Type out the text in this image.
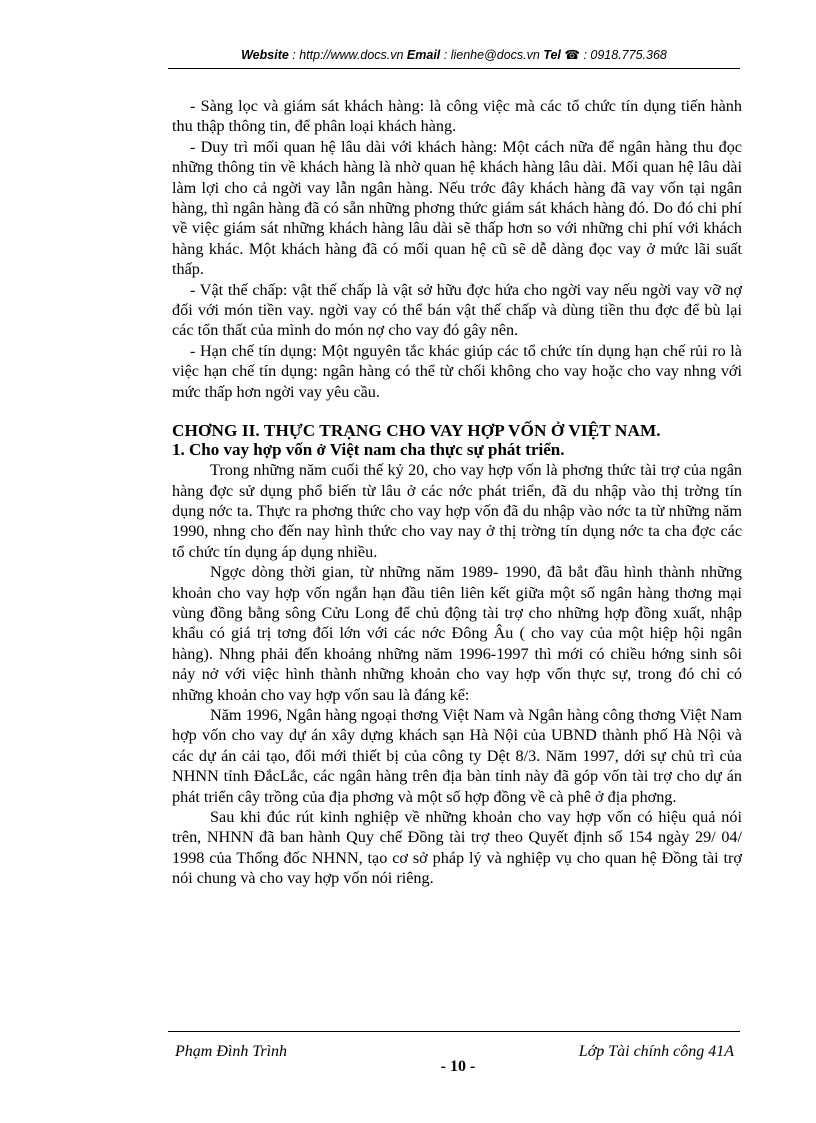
Website : http://www.docs.vn Email : lienhe@docs.vn Tel ☎ : 0918.775.368

- Sàng lọc và giám sát khách hàng: là công việc mà các tổ chức tín dụng tiến hành thu thập thông tin, để phân loại khách hàng.

- Duy trì mối quan hệ lâu dài với khách hàng: Một cách nữa để ngân hàng thu đọc những thông tin về khách hàng là nhờ quan hệ khách hàng lâu dài. Mối quan hệ lâu dài làm lợi cho cả ngời vay lẫn ngân hàng. Nếu trớc đây khách hàng đã vay vốn tại ngân hàng, thì ngân hàng đã có sẵn những phơng thức giám sát khách hàng đó. Do đó chi phí về việc giám sát những khách hàng lâu dài sẽ thấp hơn so với những chi phí với khách hàng khác. Một khách hàng đã có mối quan hệ cũ sẽ dễ dàng đọc vay ở mức lãi suất thấp.

- Vật thế chấp: vật thế chấp là vật sở hữu đợc hứa cho ngời vay nếu ngời vay vỡ nợ đối với món tiền vay. ngời vay có thể bán vật thế chấp và dùng tiền thu đợc để bù lại các tổn thất của mình do món nợ cho vay đó gây nên.

- Hạn chế tín dụng: Một nguyên tắc khác giúp các tổ chức tín dụng hạn chế rủi ro là việc hạn chế tín dụng: ngân hàng có thể từ chối không cho vay hoặc cho vay nhng với mức thấp hơn ngời vay yêu cầu.

CHƠNG II. THỰC TRẠNG CHO VAY HỢP VỐN Ở VIỆT NAM.
1. Cho vay hợp vốn ở Việt nam cha thực sự phát triển.

Trong những năm cuối thế kỷ 20, cho vay hợp vốn là phơng thức tài trợ của ngân hàng đợc sử dụng phổ biến từ lâu ở các nớc phát triển, đã du nhập vào thị trờng tín dụng nớc ta. Thực ra phơng thức cho vay hợp vốn đã du nhập vào nớc ta từ những năm 1990, nhng cho đến nay hình thức cho vay nay ở thị trờng tín dụng nớc ta cha đợc các tổ chức tín dụng áp dụng nhiều.

Ngợc dòng thời gian, từ những năm 1989- 1990, đã bắt đầu hình thành những khoản cho vay hợp vốn ngắn hạn đầu tiên liên kết giữa một số ngân hàng thơng mại vùng đồng bằng sông Cửu Long để chủ động tài trợ cho những hợp đồng xuất, nhập khẩu có giá trị tơng đối lớn với các nớc Đông Âu ( cho vay của một hiệp hội ngân hàng). Nhng phải đến khoảng những năm 1996-1997 thì mới có chiều hớng sinh sôi nảy nở với việc hình thành những khoản cho vay hợp vốn thực sự, trong đó chỉ có những khoản cho vay hợp vốn sau là đáng kể:

Năm 1996, Ngân hàng ngoại thơng Việt Nam và Ngân hàng công thơng Việt Nam hợp vốn cho vay dự án xây dựng khách sạn Hà Nội của UBND thành phố Hà Nội và các dự án cải tạo, đổi mới thiết bị của công ty Dệt 8/3. Năm 1997, dới sự chủ trì của NHNN tỉnh ĐắcLắc, các ngân hàng trên địa bàn tỉnh này đã góp vốn tài trợ cho dự án phát triển cây trồng của địa phơng và một số hợp đồng về cà phê ở địa phơng.

Sau khi đúc rút kinh nghiệp về những khoản cho vay hợp vốn có hiệu quả nói trên, NHNN đã ban hành Quy chế Đồng tài trợ theo Quyết định số 154 ngày 29/ 04/ 1998 của Thống đốc NHNN, tạo cơ sở pháp lý và nghiệp vụ cho quan hệ Đồng tài trợ nói chung và cho vay hợp vốn nói riêng.

Phạm Đình Trình	Lớp Tài chính công 41A
- 10 -
